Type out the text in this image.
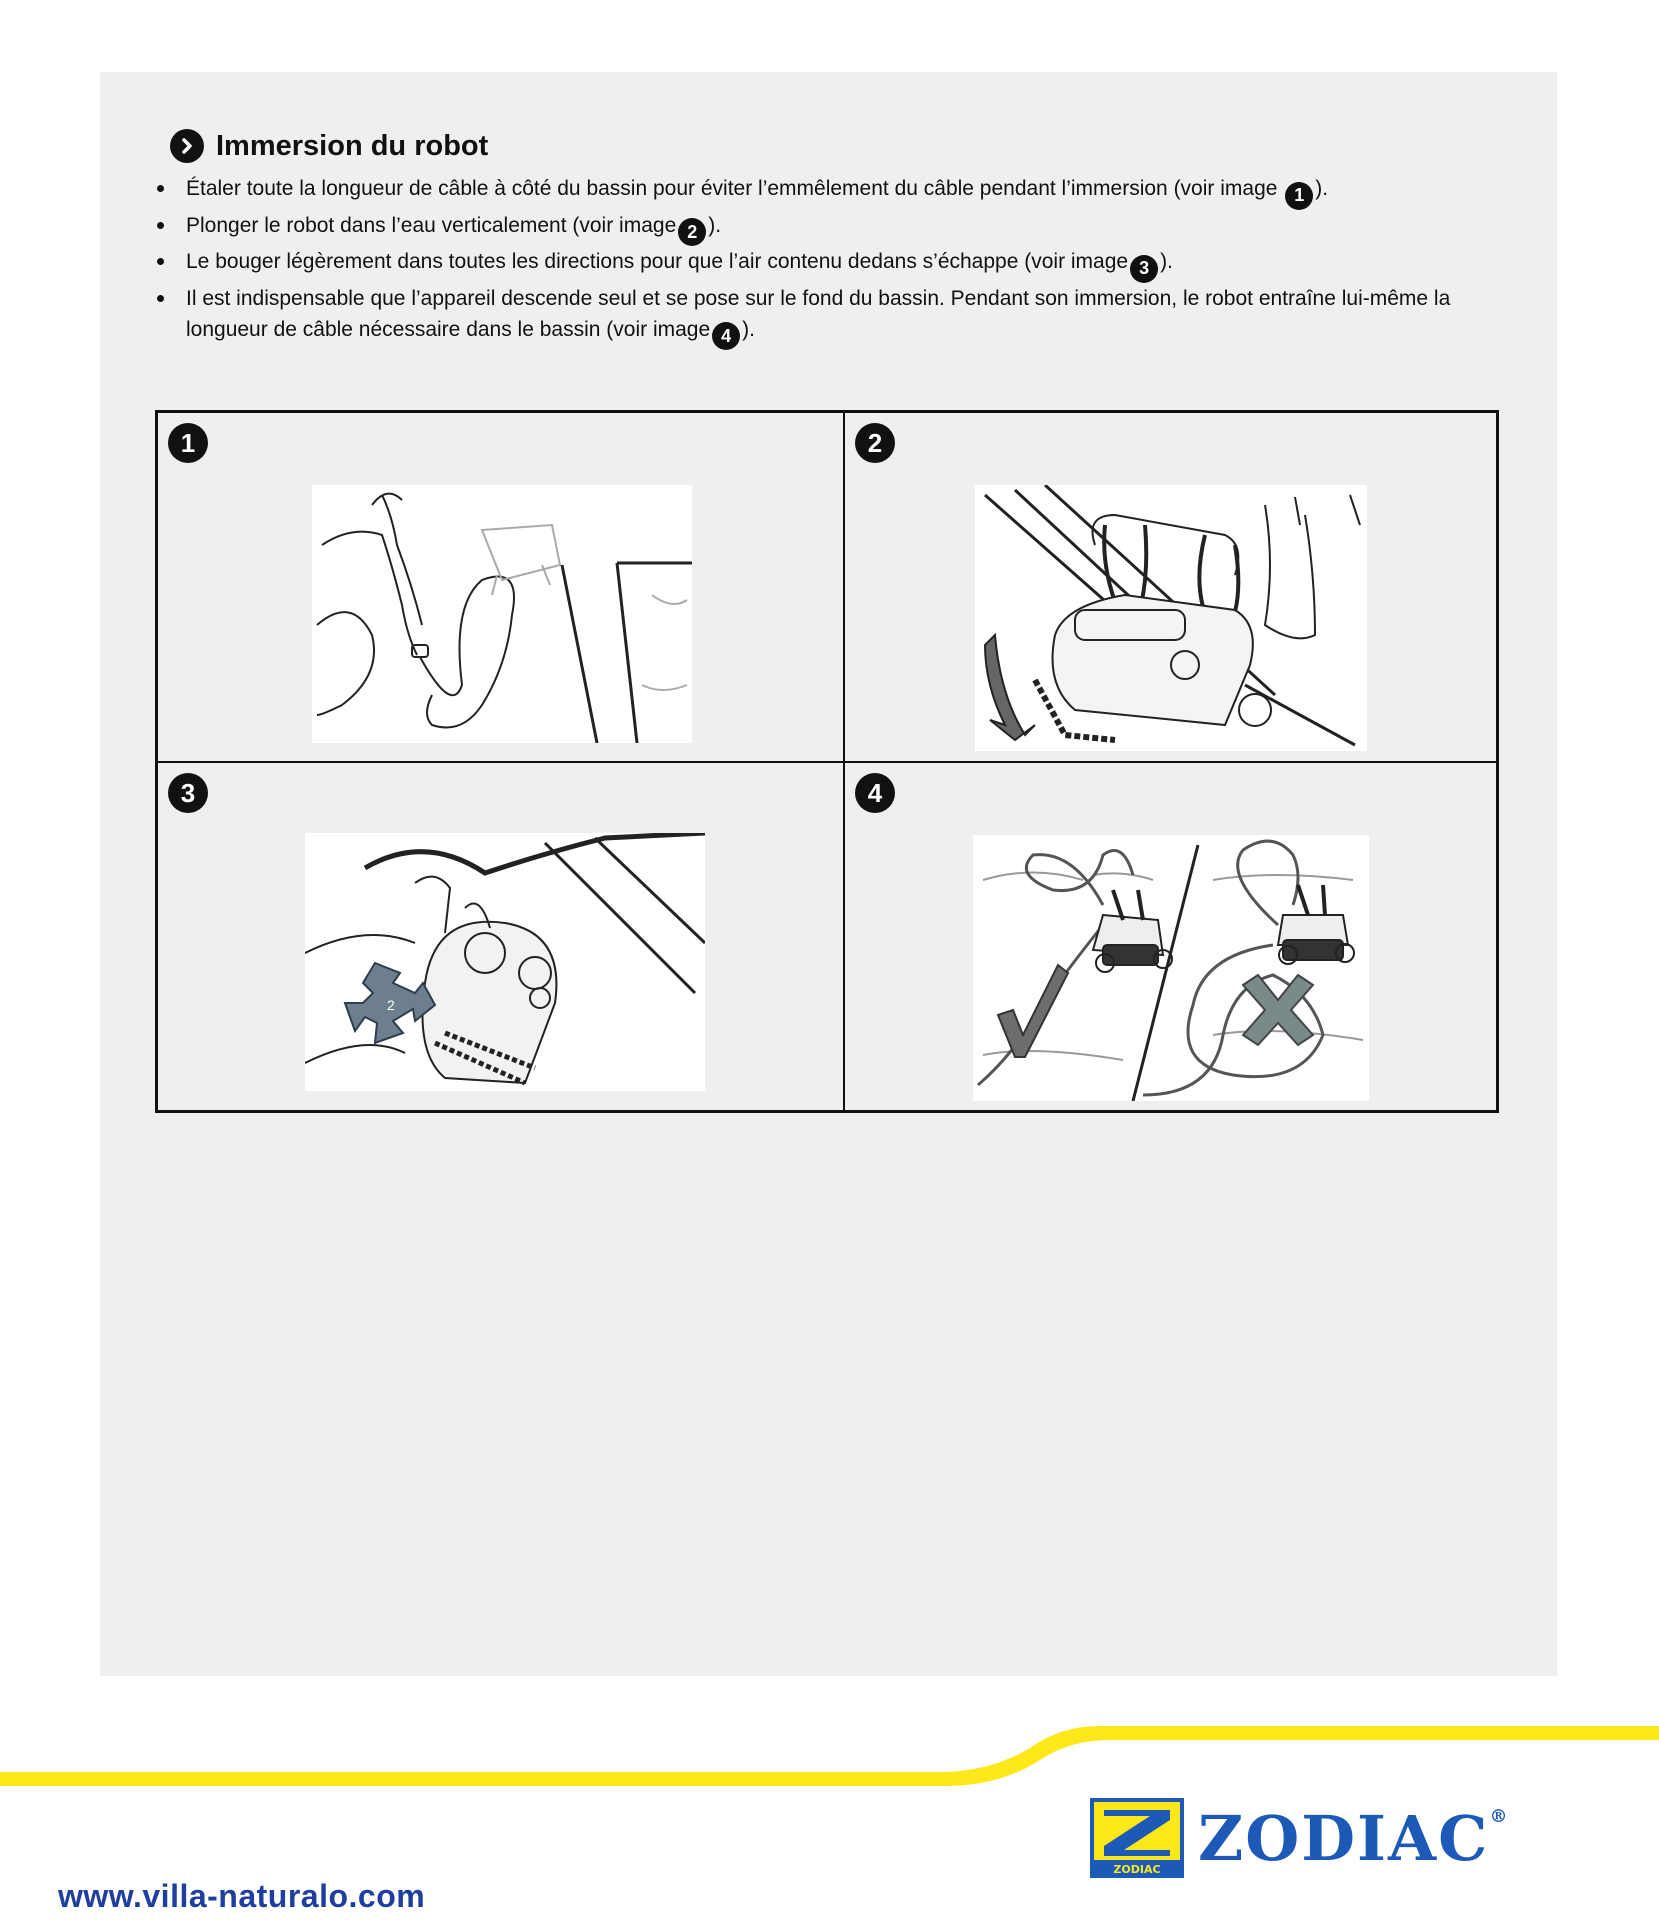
Immersion du robot
Étaler toute la longueur de câble à côté du bassin pour éviter l’emmêlement du câble pendant l’immersion (voir image 1 ).
Plonger le robot dans l’eau verticalement (voir image 2 ).
Le bouger légèrement dans toutes les directions pour que l’air contenu dedans s’échappe (voir image 3 ).
Il est indispensable que l’appareil descende seul et se pose sur le fond du bassin. Pendant son immersion, le robot entraîne lui-même la longueur de câble nécessaire dans le bassin (voir image 4 ).
1	2
1
3
2
4
www.villa-naturalo.com
ZODIAC ZODIAC ®
